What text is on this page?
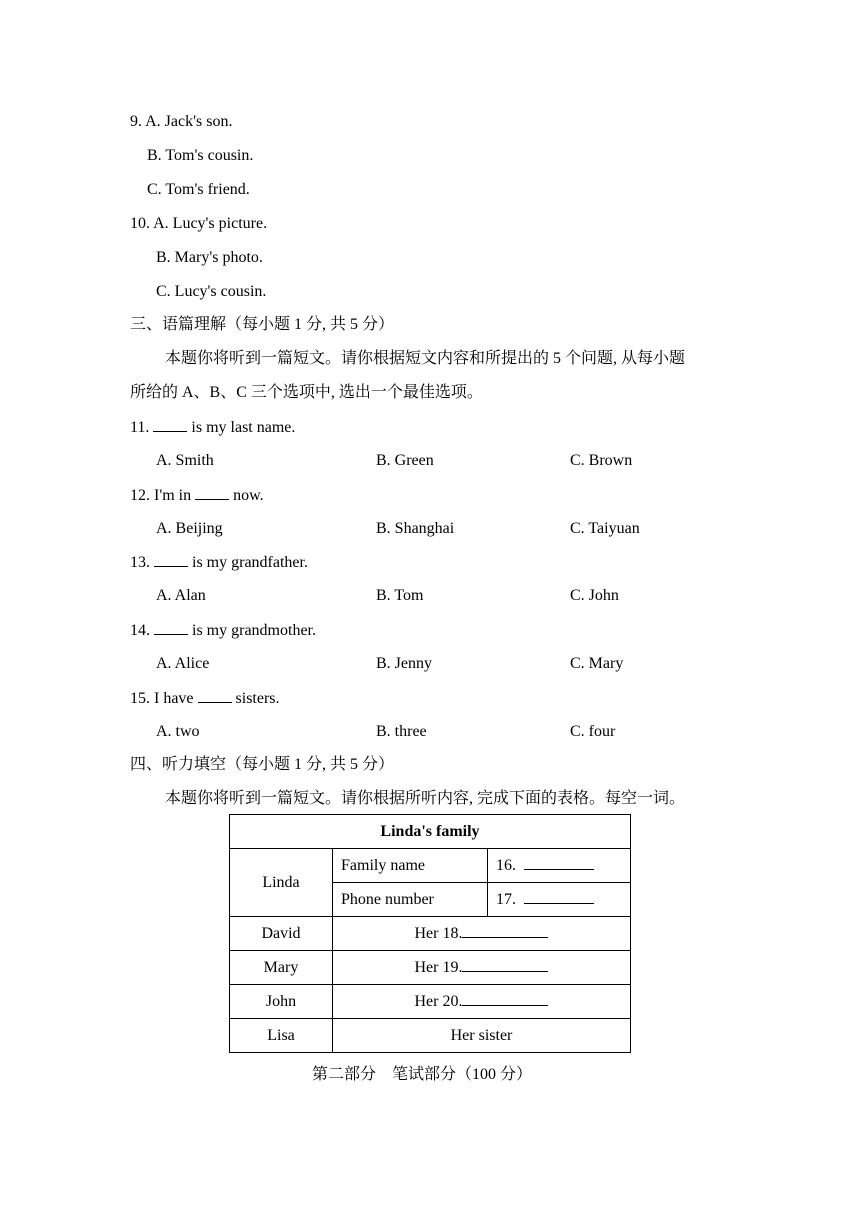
9. A. Jack's son.
B. Tom's cousin.
C. Tom's friend.
10. A. Lucy's picture.
B. Mary's photo.
C. Lucy's cousin.
三、语篇理解（每小题 1 分, 共 5 分）
本题你将听到一篇短文。请你根据短文内容和所提出的 5 个问题, 从每小题
所给的 A、B、C 三个选项中, 选出一个最佳选项。
11.	is my last name.
A. Smith	B. Green	C. Brown
12. I'm in	now.
A. Beijing	B. Shanghai	C. Taiyuan
13.	is my grandfather.
A. Alan	B. Tom	C. John
14.	is my grandmother.
A. Alice	B. Jenny	C. Mary
15. I have	sisters.
A. two	B. three	C. four
四、听力填空（每小题 1 分, 共 5 分）
本题你将听到一篇短文。请你根据所听内容, 完成下面的表格。每空一词。
Linda's family		
Linda	Family name	16.
	Phone number	17.
David	Her 18.	
Mary	Her 19.	
John	Her 20.	
Lisa	Her sister	
第二部分　笔试部分（100 分）
